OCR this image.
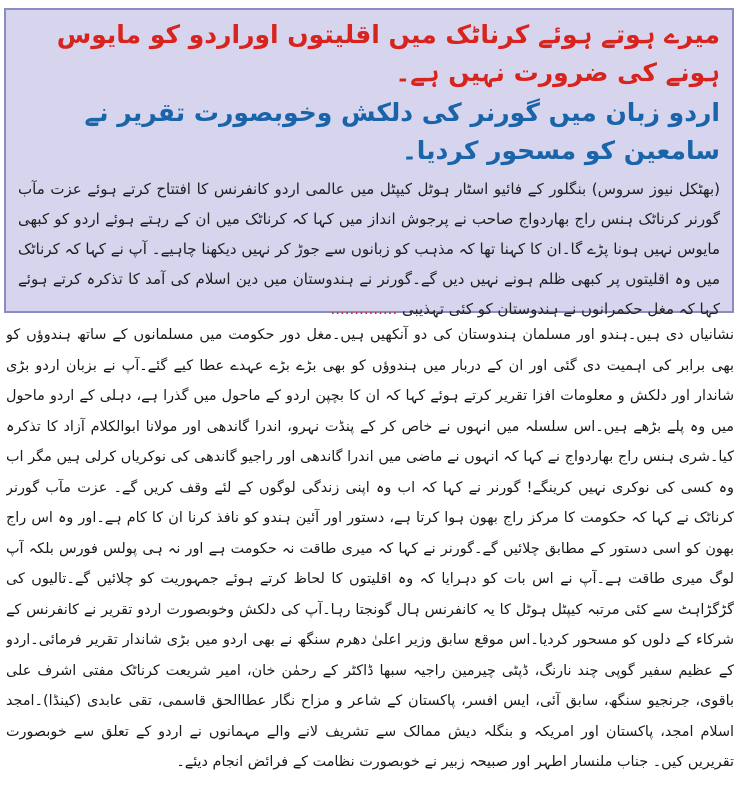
میرے ہوتے ہوئے کرناٹک میں اقلیتوں اوراردو کو مایوس ہونے کی ضرورت نہیں ہے۔

اردو زبان میں گورنر کی دلکش وخوبصورت تقریر نے سامعین کو مسحور کردیا۔

(بھٹکل نیوز سروس) بنگلور کے فائیو اسٹار ہوٹل کیپٹل میں عالمی اردو کانفرنس کا افتتاح کرتے ہوئے عزت مآب گورنر کرناٹک ہنس راج بھاردواج صاحب نے پرجوش انداز میں کہا کہ کرناٹک میں ان کے رہتے ہوئے اردو کو کبھی مایوس نہیں ہونا پڑے گا۔ان کا کہنا تھا کہ مذہب کو زبانوں سے جوڑ کر نہیں دیکھنا چاہیے۔ آپ نے کہا کہ کرناٹک میں وہ اقلیتوں پر کبھی ظلم ہونے نہیں دیں گے۔گورنر نے ہندوستان میں دین اسلام کی آمد کا تذکرہ کرتے ہوئے کہا کہ مغل حکمرانوں نے ہندوستان کو کئی تہذیبی ..............

نشانیاں دی ہیں۔ہندو اور مسلمان ہندوستان کی دو آنکھیں ہیں۔مغل دور حکومت میں مسلمانوں کے ساتھ ہندوؤں کو بھی برابر کی اہمیت دی گئی اور ان کے دربار میں ہندوؤں کو بھی بڑے بڑے عہدے عطا کیے گئے۔آپ نے بزبان اردو بڑی شاندار اور دلکش و معلومات افزا تقریر کرتے ہوئے کہا کہ ان کا بچپن اردو کے ماحول میں گذرا ہے، دہلی کے اردو ماحول میں وہ پلے بڑھے ہیں۔اس سلسلہ میں انہوں نے خاص کر کے پنڈت نہرو، اندرا گاندھی اور مولانا ابوالکلام آزاد کا تذکرہ کیا۔شری ہنس راج بھاردواج نے کہا کہ انہوں نے ماضی میں اندرا گاندھی اور راجیو گاندھی کی نوکریاں کرلی ہیں مگر اب وہ کسی کی نوکری نہیں کرینگے! گورنر نے کہا کہ اب وہ اپنی زندگی لوگوں کے لئے وقف کریں گے۔ عزت مآب گورنر کرناٹک نے کہا کہ حکومت کا مرکز راج بھون ہوا کرتا ہے، دستور اور آئین ہندو کو نافذ کرنا ان کا کام ہے۔اور وہ اس راج بھون کو اسی دستور کے مطابق چلائیں گے۔گورنر نے کہا کہ میری طاقت نہ حکومت ہے اور نہ ہی پولس فورس بلکہ آپ لوگ میری طاقت ہے۔آپ نے اس بات کو دہرایا کہ وہ اقلیتوں کا لحاظ کرتے ہوئے جمہوریت کو چلائیں گے۔تالیوں کی گڑگڑاہٹ سے کئی مرتبہ کیپٹل ہوٹل کا یہ کانفرنس ہال گونجتا رہا۔آپ کی دلکش وخوبصورت اردو تقریر نے کانفرنس کے شرکاء کے دلوں کو مسحور کردیا۔اس موقع سابق وزیر اعلیٰ دھرم سنگھ نے بھی اردو میں بڑی شاندار تقریر فرمائی۔اردو کے عظیم سفیر گوپی چند نارنگ، ڈپٹی چیرمین راجیہ سبھا ڈاکٹر کے رحمٰن خان، امیر شریعت کرناٹک مفتی اشرف علی باقوی، جرنجیو سنگھ، سابق آئی، ایس افسر، پاکستان کے شاعر و مزاح نگار عطاالحق قاسمی، تقی عابدی (کینڈا)۔امجد اسلام امجد، پاکستان اور امریکہ و بنگلہ دیش ممالک سے تشریف لانے والے مہمانوں نے اردو کے تعلق سے خوبصورت تقریریں کیں۔ جناب ملنسار اطہر اور صبیحہ زبیر نے خوبصورت نظامت کے فرائض انجام دیئے۔
